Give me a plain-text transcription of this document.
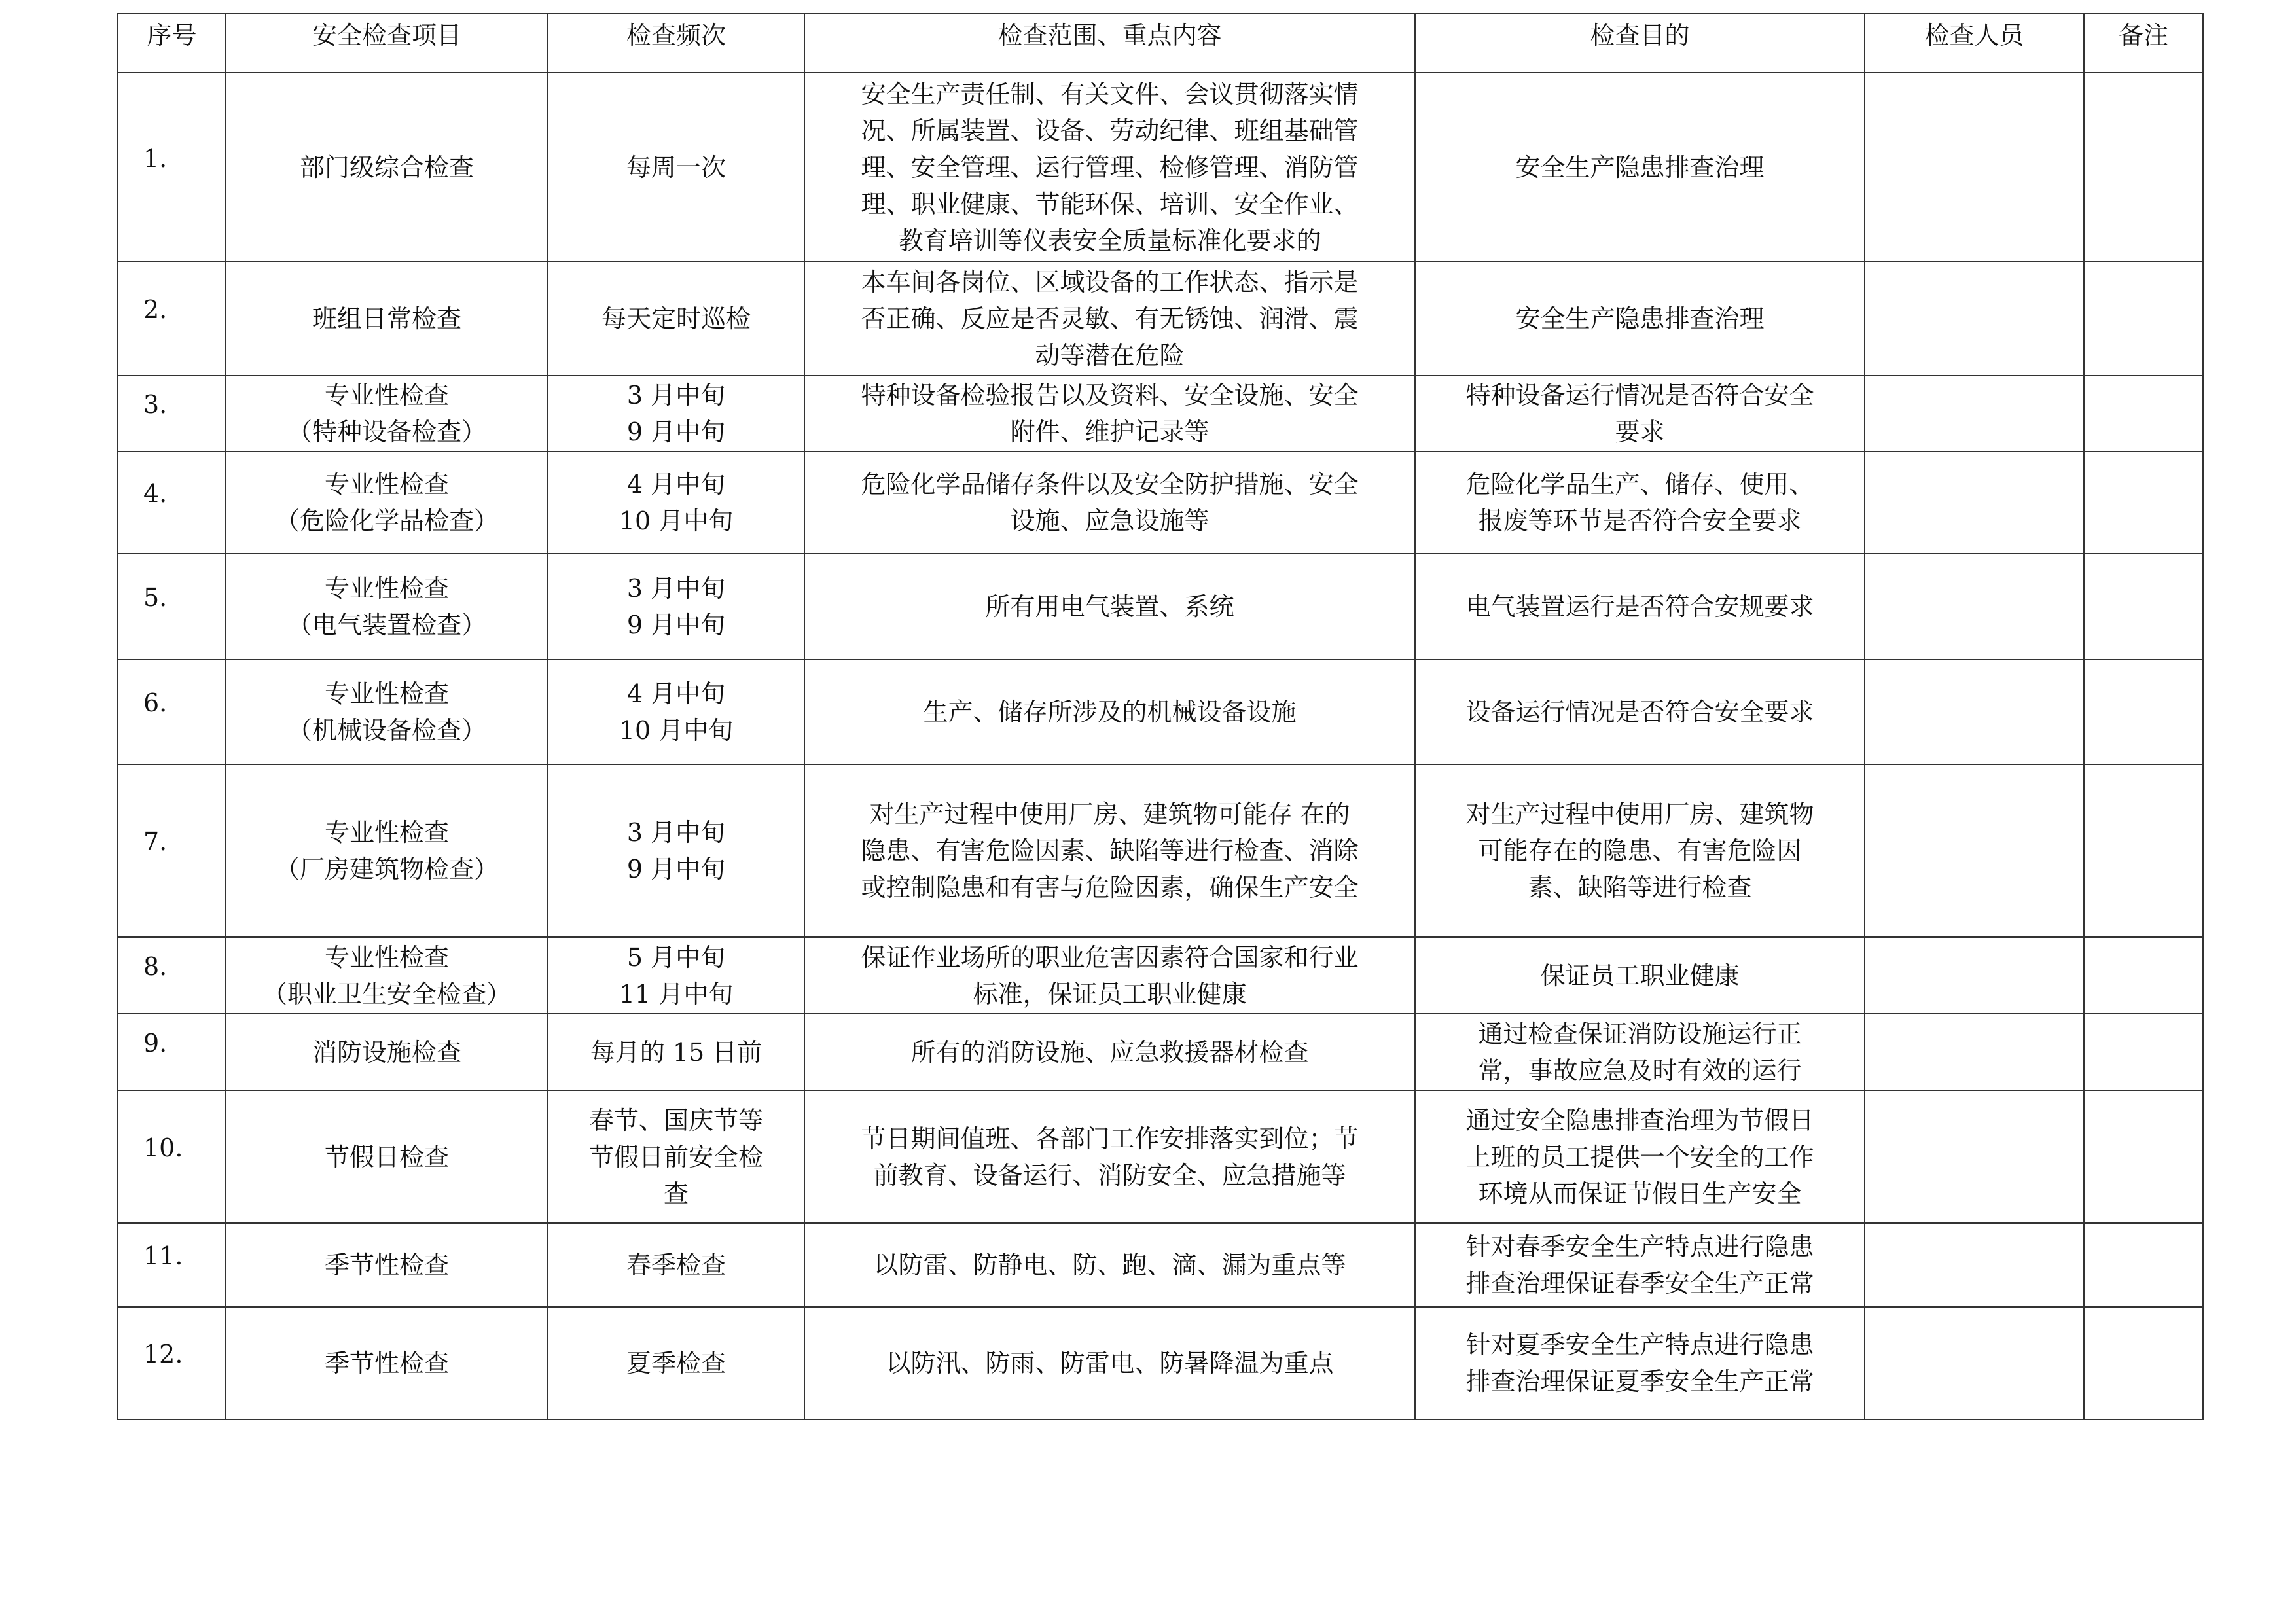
序号	安全检查项目	检查频次	检查范围、重点内容	检查目的	检查人员	备注

1.	部门级综合检查	每周一次	安全生产责任制、有关文件、会议贯彻落实情
况、所属装置、设备、劳动纪律、班组基础管
理、安全管理、运行管理、检修管理、消防管
理、职业健康、节能环保、培训、安全作业、
教育培训等仪表安全质量标准化要求的	安全生产隐患排查治理		

2.	班组日常检查	每天定时巡检	本车间各岗位、区域设备的工作状态、指示是
否正确、反应是否灵敏、有无锈蚀、润滑、震
动等潜在危险	安全生产隐患排查治理		

3.	专业性检查
（特种设备检查）	3 月中旬
9 月中旬	特种设备检验报告以及资料、安全设施、安全
附件、维护记录等	特种设备运行情况是否符合安全
要求		

4.	专业性检查
（危险化学品检查）	4 月中旬
10 月中旬	危险化学品储存条件以及安全防护措施、安全
设施、应急设施等	危险化学品生产、储存、使用、
报废等环节是否符合安全要求		

5.	专业性检查
（电气装置检查）	3 月中旬
9 月中旬	所有用电气装置、系统	电气装置运行是否符合安规要求		

6.	专业性检查
（机械设备检查）	4 月中旬
10 月中旬	生产、储存所涉及的机械设备设施	设备运行情况是否符合安全要求		

7.	专业性检查
（厂房建筑物检查）	3 月中旬
9 月中旬	对生产过程中使用厂房、建筑物可能存 在的
隐患、有害危险因素、缺陷等进行检查、消除
或控制隐患和有害与危险因素，确保生产安全	对生产过程中使用厂房、建筑物
可能存在的隐患、有害危险因
素、缺陷等进行检查		

8.	专业性检查
（职业卫生安全检查）	5 月中旬
11 月中旬	保证作业场所的职业危害因素符合国家和行业
标准，保证员工职业健康	保证员工职业健康		

9.	消防设施检查	每月的 15 日前	所有的消防设施、应急救援器材检查	通过检查保证消防设施运行正
常，事故应急及时有效的运行		

10.	节假日检查	春节、国庆节等
节假日前安全检
查	节日期间值班、各部门工作安排落实到位；节
前教育、设备运行、消防安全、应急措施等	通过安全隐患排查治理为节假日
上班的员工提供一个安全的工作
环境从而保证节假日生产安全		

11.	季节性检查	春季检查	以防雷、防静电、防、跑、滴、漏为重点等	针对春季安全生产特点进行隐患
排查治理保证春季安全生产正常		

12.	季节性检查	夏季检查	以防汛、防雨、防雷电、防暑降温为重点	针对夏季安全生产特点进行隐患
排查治理保证夏季安全生产正常		
